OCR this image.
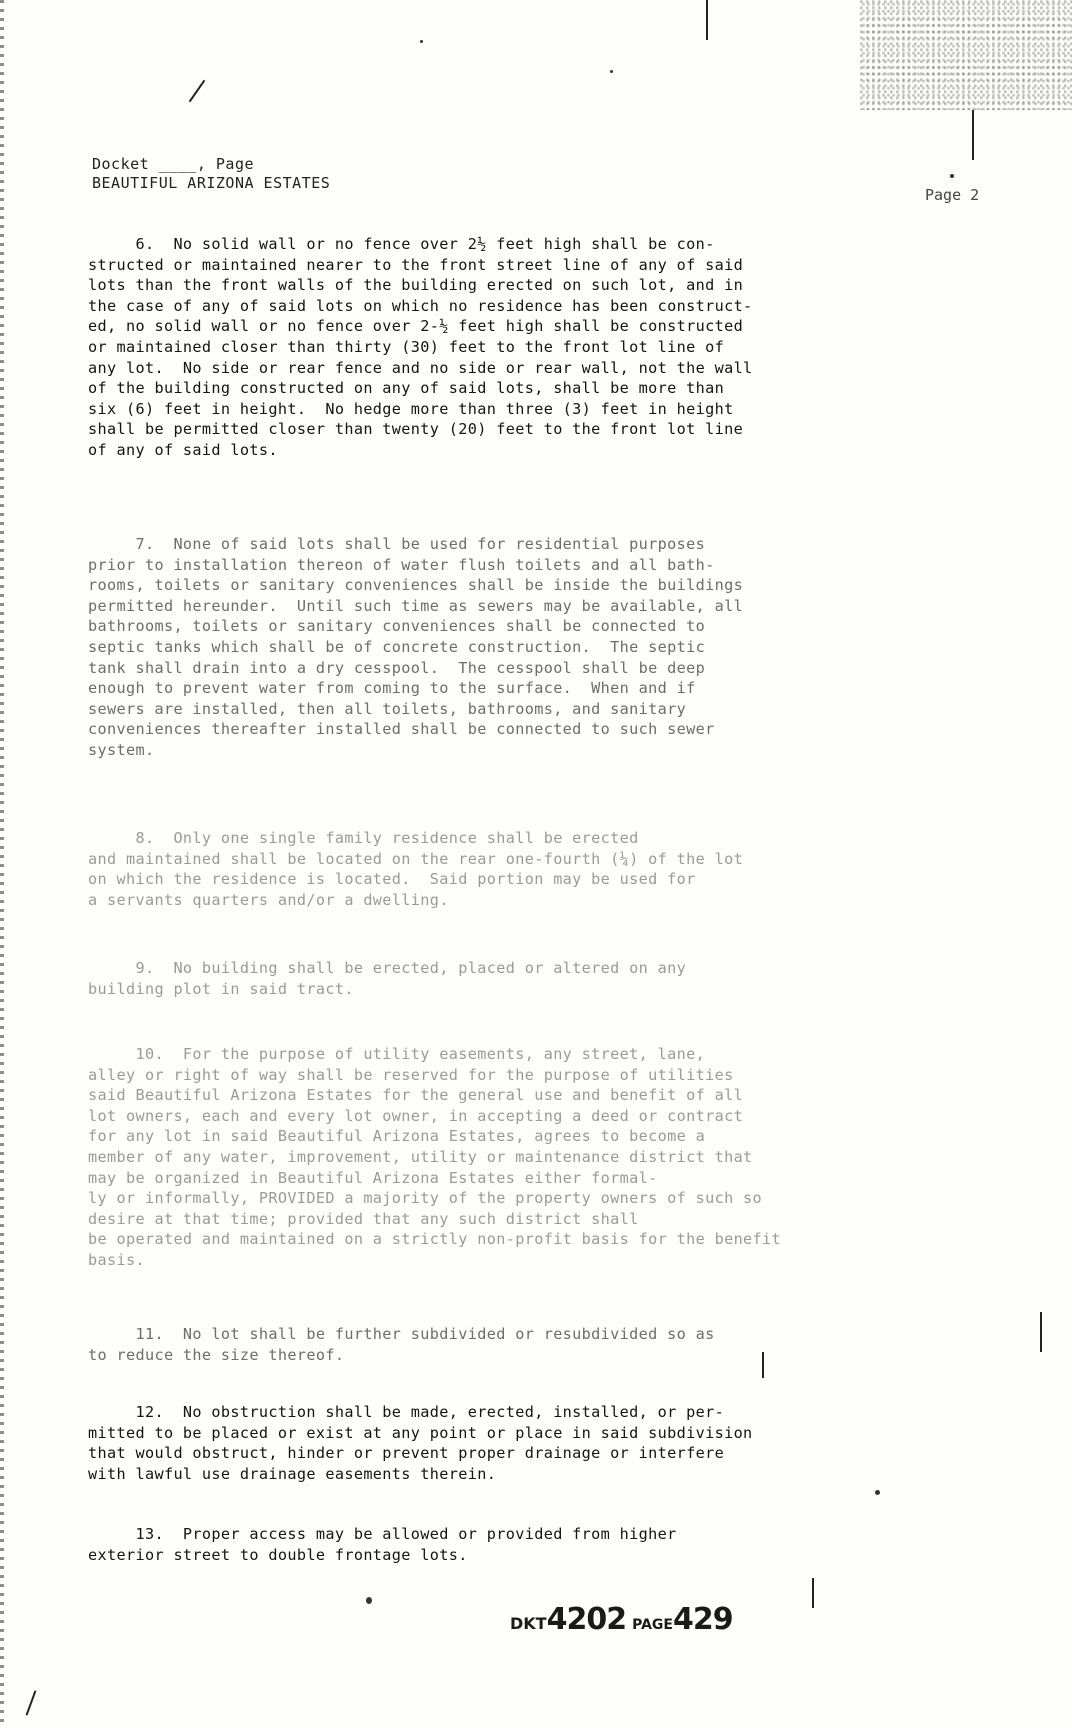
Docket ____, Page
BEAUTIFUL ARIZONA ESTATES
Page 2
6.  No solid wall or no fence over 2½ feet high shall be con-
structed or maintained nearer to the front street line of any of said
lots than the front walls of the building erected on such lot, and in
the case of any of said lots on which no residence has been construct-
ed, no solid wall or no fence over 2-½ feet high shall be constructed
or maintained closer than thirty (30) feet to the front lot line of
any lot.  No side or rear fence and no side or rear wall, not the wall
of the building constructed on any of said lots, shall be more than
six (6) feet in height.  No hedge more than three (3) feet in height
shall be permitted closer than twenty (20) feet to the front lot line
of any of said lots.
7.  None of said lots shall be used for residential purposes
prior to installation thereon of water flush toilets and all bath-
rooms, toilets or sanitary conveniences shall be inside the buildings
permitted hereunder.  Until such time as sewers may be available, all
bathrooms, toilets or sanitary conveniences shall be connected to
septic tanks which shall be of concrete construction.  The septic
tank shall drain into a dry cesspool.  The cesspool shall be deep
enough to prevent water from coming to the surface.  When and if
sewers are installed, then all toilets, bathrooms, and sanitary
conveniences thereafter installed shall be connected to such sewer
system.
8.  Only one single family residence shall be erected
and maintained shall be located on the rear one-fourth (¼) of the lot
on which the residence is located.  Said portion may be used for
a servants quarters and/or a dwelling.
9.  No building shall be erected, placed or altered on any
building plot in said tract.
10.  For the purpose of utility easements, any street, lane,
alley or right of way shall be reserved for the purpose of utilities
said Beautiful Arizona Estates for the general use and benefit of all
lot owners, each and every lot owner, in accepting a deed or contract
for any lot in said Beautiful Arizona Estates, agrees to become a
member of any water, improvement, utility or maintenance district that
may be organized in Beautiful Arizona Estates either formal-
ly or informally, PROVIDED a majority of the property owners of such so
desire at that time; provided that any such district shall
be operated and maintained on a strictly non-profit basis for the benefit
basis.
11.  No lot shall be further subdivided or resubdivided so as
to reduce the size thereof.
12.  No obstruction shall be made, erected, installed, or per-
mitted to be placed or exist at any point or place in said subdivision
that would obstruct, hinder or prevent proper drainage or interfere
with lawful use drainage easements therein.
13.  Proper access may be allowed or provided from higher
exterior street to double frontage lots.
DKT4202 PAGE429
